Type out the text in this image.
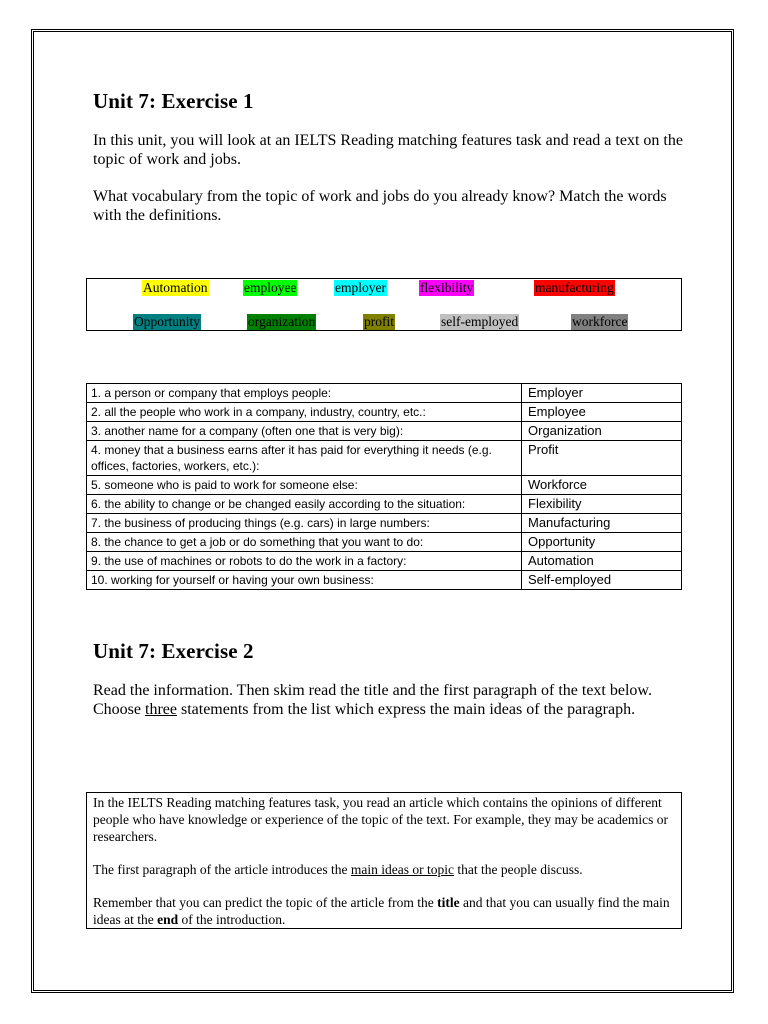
Unit 7: Exercise 1
In this unit, you will look at an IELTS Reading matching features task and read a text on the topic of work and jobs.
What vocabulary from the topic of work and jobs do you already know? Match the words with the definitions.
Automation	employee	employer	flexibility	manufacturing
Opportunity	organization	profit	self-employed	workforce
1. a person or company that employs people:	Employer
2. all the people who work in a company, industry, country, etc.:	Employee
3. another name for a company (often one that is very big):	Organization
4. money that a business earns after it has paid for everything it needs (e.g. offices, factories, workers, etc.):	Profit
5. someone who is paid to work for someone else:	Workforce
6. the ability to change or be changed easily according to the situation:	Flexibility
7. the business of producing things (e.g. cars) in large numbers:	Manufacturing
8. the chance to get a job or do something that you want to do:	Opportunity
9. the use of machines or robots to do the work in a factory:	Automation
10. working for yourself or having your own business:	Self-employed
Unit 7: Exercise 2
Read the information. Then skim read the title and the first paragraph of the text below. Choose three statements from the list which express the main ideas of the paragraph.

In the IELTS Reading matching features task, you read an article which contains the opinions of different people who have knowledge or experience of the topic of the text. For example, they may be academics or researchers.

The first paragraph of the article introduces the main ideas or topic that the people discuss.

Remember that you can predict the topic of the article from the title and that you can usually find the main ideas at the end of the introduction.
